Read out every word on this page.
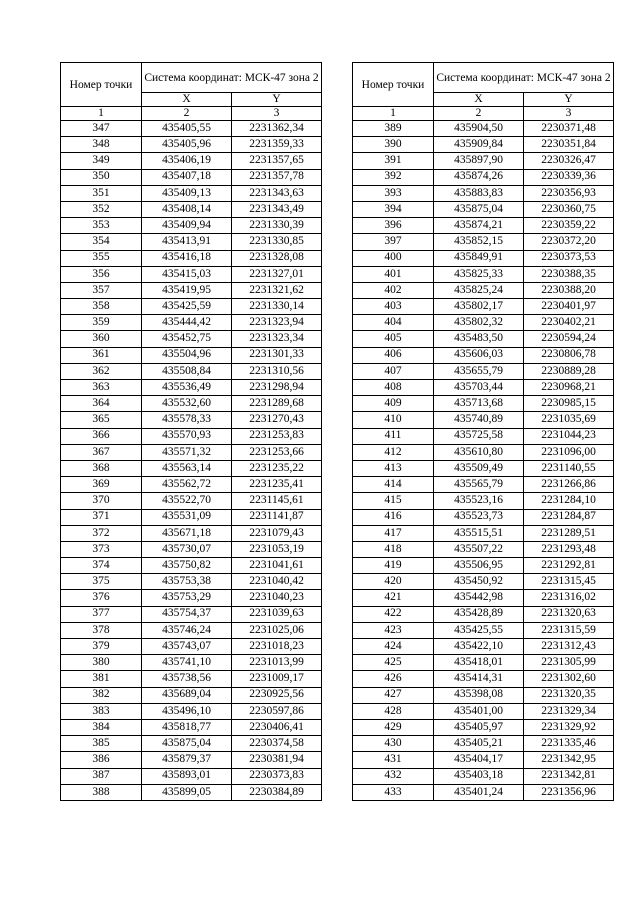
Номер точки	Система координат: МСК-47 зона 2	
	X	Y
1	2	3
347	435405,55	2231362,34
348	435405,96	2231359,33
349	435406,19	2231357,65
350	435407,18	2231357,78
351	435409,13	2231343,63
352	435408,14	2231343,49
353	435409,94	2231330,39
354	435413,91	2231330,85
355	435416,18	2231328,08
356	435415,03	2231327,01
357	435419,95	2231321,62
358	435425,59	2231330,14
359	435444,42	2231323,94
360	435452,75	2231323,34
361	435504,96	2231301,33
362	435508,84	2231310,56
363	435536,49	2231298,94
364	435532,60	2231289,68
365	435578,33	2231270,43
366	435570,93	2231253,83
367	435571,32	2231253,66
368	435563,14	2231235,22
369	435562,72	2231235,41
370	435522,70	2231145,61
371	435531,09	2231141,87
372	435671,18	2231079,43
373	435730,07	2231053,19
374	435750,82	2231041,61
375	435753,38	2231040,42
376	435753,29	2231040,23
377	435754,37	2231039,63
378	435746,24	2231025,06
379	435743,07	2231018,23
380	435741,10	2231013,99
381	435738,56	2231009,17
382	435689,04	2230925,56
383	435496,10	2230597,86
384	435818,77	2230406,41
385	435875,04	2230374,58
386	435879,37	2230381,94
387	435893,01	2230373,83
388	435899,05	2230384,89
Номер точки	Система координат: МСК-47 зона 2	
	X	Y
1	2	3
389	435904,50	2230371,48
390	435909,84	2230351,84
391	435897,90	2230326,47
392	435874,26	2230339,36
393	435883,83	2230356,93
394	435875,04	2230360,75
396	435874,21	2230359,22
397	435852,15	2230372,20
400	435849,91	2230373,53
401	435825,33	2230388,35
402	435825,24	2230388,20
403	435802,17	2230401,97
404	435802,32	2230402,21
405	435483,50	2230594,24
406	435606,03	2230806,78
407	435655,79	2230889,28
408	435703,44	2230968,21
409	435713,68	2230985,15
410	435740,89	2231035,69
411	435725,58	2231044,23
412	435610,80	2231096,00
413	435509,49	2231140,55
414	435565,79	2231266,86
415	435523,16	2231284,10
416	435523,73	2231284,87
417	435515,51	2231289,51
418	435507,22	2231293,48
419	435506,95	2231292,81
420	435450,92	2231315,45
421	435442,98	2231316,02
422	435428,89	2231320,63
423	435425,55	2231315,59
424	435422,10	2231312,43
425	435418,01	2231305,99
426	435414,31	2231302,60
427	435398,08	2231320,35
428	435401,00	2231329,34
429	435405,97	2231329,92
430	435405,21	2231335,46
431	435404,17	2231342,95
432	435403,18	2231342,81
433	435401,24	2231356,96
